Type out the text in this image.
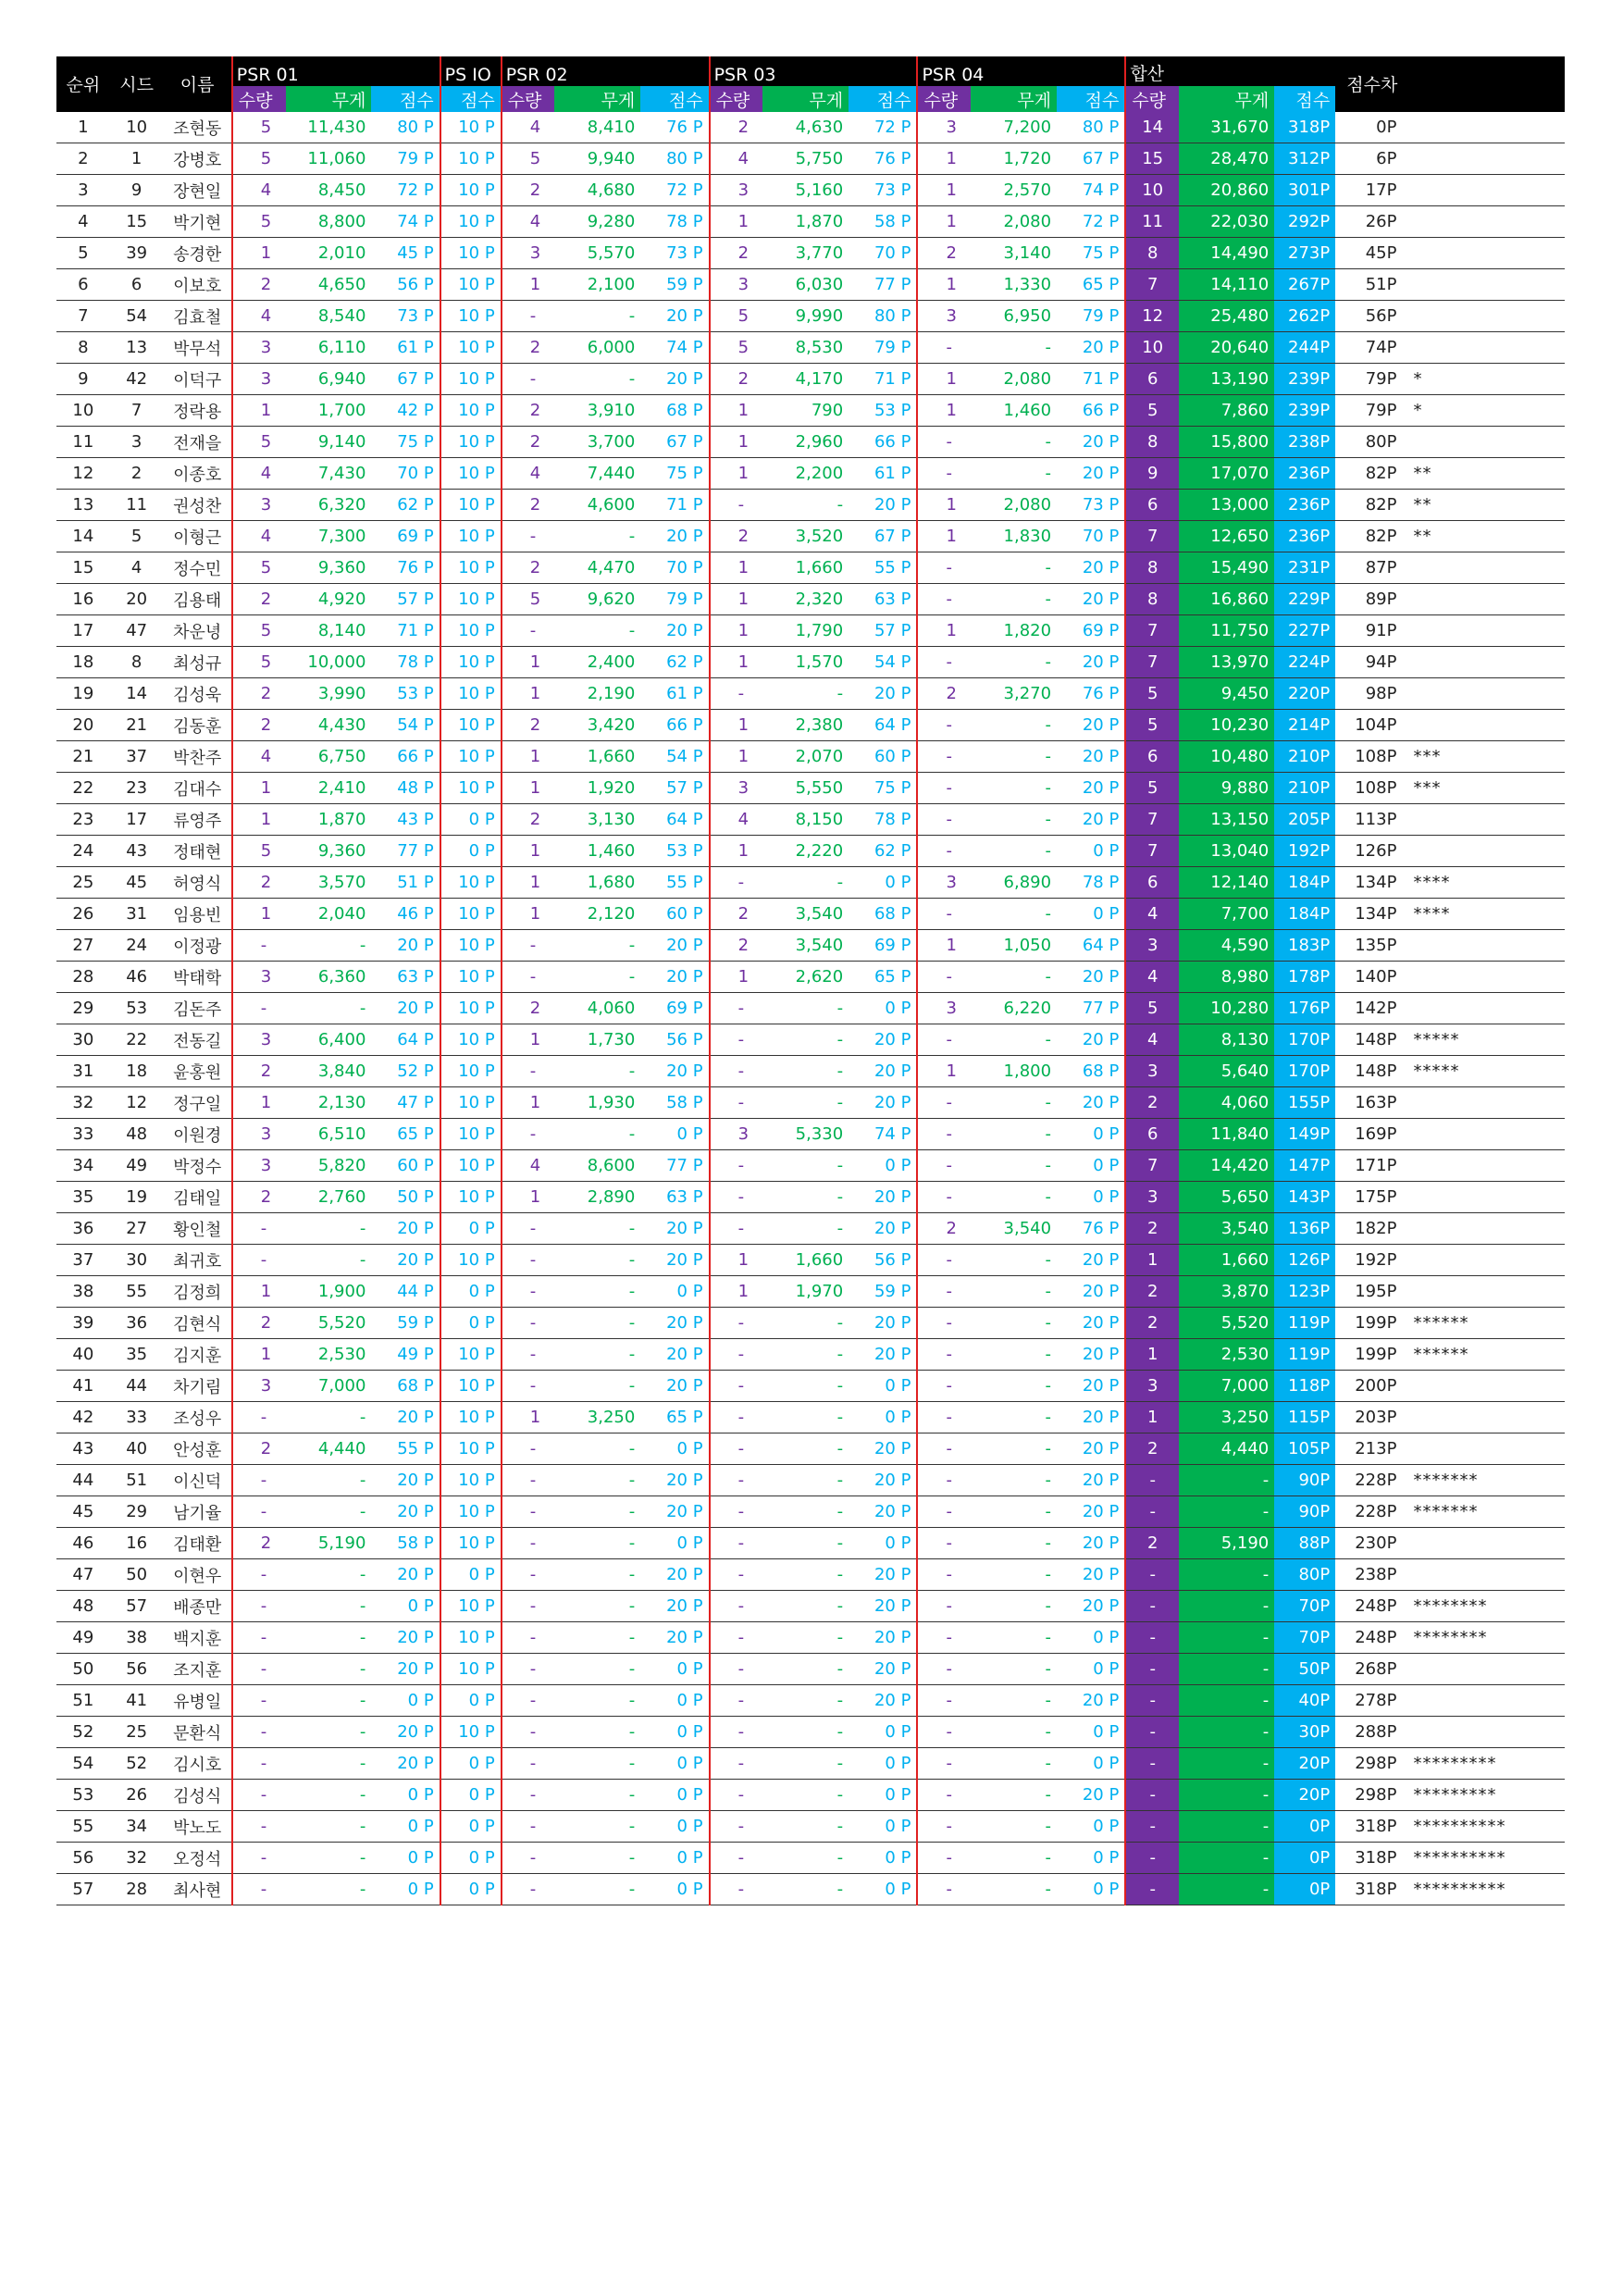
순위	시드	이름	PSR 01			PS IO	PSR 02			PSR 03			PSR 04			합산			점수차	
			수량	무게	점수	점수	수량	무게	점수	수량	무게	점수	수량	무게	점수	수량	무게	점수		
1	10	조현동	5	11,430	80 P	10 P	4	8,410	76 P	2	4,630	72 P	3	7,200	80 P	14	31,670	318P	0P	
2	1	강병호	5	11,060	79 P	10 P	5	9,940	80 P	4	5,750	76 P	1	1,720	67 P	15	28,470	312P	6P	
3	9	장현일	4	8,450	72 P	10 P	2	4,680	72 P	3	5,160	73 P	1	2,570	74 P	10	20,860	301P	17P	
4	15	박기현	5	8,800	74 P	10 P	4	9,280	78 P	1	1,870	58 P	1	2,080	72 P	11	22,030	292P	26P	
5	39	송경한	1	2,010	45 P	10 P	3	5,570	73 P	2	3,770	70 P	2	3,140	75 P	8	14,490	273P	45P	
6	6	이보호	2	4,650	56 P	10 P	1	2,100	59 P	3	6,030	77 P	1	1,330	65 P	7	14,110	267P	51P	
7	54	김효철	4	8,540	73 P	10 P	-	-	20 P	5	9,990	80 P	3	6,950	79 P	12	25,480	262P	56P	
8	13	박무석	3	6,110	61 P	10 P	2	6,000	74 P	5	8,530	79 P	-	-	20 P	10	20,640	244P	74P	
9	42	이덕구	3	6,940	67 P	10 P	-	-	20 P	2	4,170	71 P	1	2,080	71 P	6	13,190	239P	79P	*
10	7	정락용	1	1,700	42 P	10 P	2	3,910	68 P	1	790	53 P	1	1,460	66 P	5	7,860	239P	79P	*
11	3	전재을	5	9,140	75 P	10 P	2	3,700	67 P	1	2,960	66 P	-	-	20 P	8	15,800	238P	80P	
12	2	이종호	4	7,430	70 P	10 P	4	7,440	75 P	1	2,200	61 P	-	-	20 P	9	17,070	236P	82P	**
13	11	권성찬	3	6,320	62 P	10 P	2	4,600	71 P	-	-	20 P	1	2,080	73 P	6	13,000	236P	82P	**
14	5	이형근	4	7,300	69 P	10 P	-	-	20 P	2	3,520	67 P	1	1,830	70 P	7	12,650	236P	82P	**
15	4	정수민	5	9,360	76 P	10 P	2	4,470	70 P	1	1,660	55 P	-	-	20 P	8	15,490	231P	87P	
16	20	김용태	2	4,920	57 P	10 P	5	9,620	79 P	1	2,320	63 P	-	-	20 P	8	16,860	229P	89P	
17	47	차운녕	5	8,140	71 P	10 P	-	-	20 P	1	1,790	57 P	1	1,820	69 P	7	11,750	227P	91P	
18	8	최성규	5	10,000	78 P	10 P	1	2,400	62 P	1	1,570	54 P	-	-	20 P	7	13,970	224P	94P	
19	14	김성욱	2	3,990	53 P	10 P	1	2,190	61 P	-	-	20 P	2	3,270	76 P	5	9,450	220P	98P	
20	21	김동훈	2	4,430	54 P	10 P	2	3,420	66 P	1	2,380	64 P	-	-	20 P	5	10,230	214P	104P	
21	37	박찬주	4	6,750	66 P	10 P	1	1,660	54 P	1	2,070	60 P	-	-	20 P	6	10,480	210P	108P	***
22	23	김대수	1	2,410	48 P	10 P	1	1,920	57 P	3	5,550	75 P	-	-	20 P	5	9,880	210P	108P	***
23	17	류영주	1	1,870	43 P	0 P	2	3,130	64 P	4	8,150	78 P	-	-	20 P	7	13,150	205P	113P	
24	43	정태현	5	9,360	77 P	0 P	1	1,460	53 P	1	2,220	62 P	-	-	0 P	7	13,040	192P	126P	
25	45	허영식	2	3,570	51 P	10 P	1	1,680	55 P	-	-	0 P	3	6,890	78 P	6	12,140	184P	134P	****
26	31	임용빈	1	2,040	46 P	10 P	1	2,120	60 P	2	3,540	68 P	-	-	0 P	4	7,700	184P	134P	****
27	24	이정광	-	-	20 P	10 P	-	-	20 P	2	3,540	69 P	1	1,050	64 P	3	4,590	183P	135P	
28	46	박태학	3	6,360	63 P	10 P	-	-	20 P	1	2,620	65 P	-	-	20 P	4	8,980	178P	140P	
29	53	김돈주	-	-	20 P	10 P	2	4,060	69 P	-	-	0 P	3	6,220	77 P	5	10,280	176P	142P	
30	22	전동길	3	6,400	64 P	10 P	1	1,730	56 P	-	-	20 P	-	-	20 P	4	8,130	170P	148P	*****
31	18	윤홍원	2	3,840	52 P	10 P	-	-	20 P	-	-	20 P	1	1,800	68 P	3	5,640	170P	148P	*****
32	12	정구일	1	2,130	47 P	10 P	1	1,930	58 P	-	-	20 P	-	-	20 P	2	4,060	155P	163P	
33	48	이원경	3	6,510	65 P	10 P	-	-	0 P	3	5,330	74 P	-	-	0 P	6	11,840	149P	169P	
34	49	박정수	3	5,820	60 P	10 P	4	8,600	77 P	-	-	0 P	-	-	0 P	7	14,420	147P	171P	
35	19	김태일	2	2,760	50 P	10 P	1	2,890	63 P	-	-	20 P	-	-	0 P	3	5,650	143P	175P	
36	27	황인철	-	-	20 P	0 P	-	-	20 P	-	-	20 P	2	3,540	76 P	2	3,540	136P	182P	
37	30	최귀호	-	-	20 P	10 P	-	-	20 P	1	1,660	56 P	-	-	20 P	1	1,660	126P	192P	
38	55	김정희	1	1,900	44 P	0 P	-	-	0 P	1	1,970	59 P	-	-	20 P	2	3,870	123P	195P	
39	36	김현식	2	5,520	59 P	0 P	-	-	20 P	-	-	20 P	-	-	20 P	2	5,520	119P	199P	******
40	35	김지훈	1	2,530	49 P	10 P	-	-	20 P	-	-	20 P	-	-	20 P	1	2,530	119P	199P	******
41	44	차기림	3	7,000	68 P	10 P	-	-	20 P	-	-	0 P	-	-	20 P	3	7,000	118P	200P	
42	33	조성우	-	-	20 P	10 P	1	3,250	65 P	-	-	0 P	-	-	20 P	1	3,250	115P	203P	
43	40	안성훈	2	4,440	55 P	10 P	-	-	0 P	-	-	20 P	-	-	20 P	2	4,440	105P	213P	
44	51	이신덕	-	-	20 P	10 P	-	-	20 P	-	-	20 P	-	-	20 P	-	-	90P	228P	*******
45	29	남기율	-	-	20 P	10 P	-	-	20 P	-	-	20 P	-	-	20 P	-	-	90P	228P	*******
46	16	김태환	2	5,190	58 P	10 P	-	-	0 P	-	-	0 P	-	-	20 P	2	5,190	88P	230P	
47	50	이현우	-	-	20 P	0 P	-	-	20 P	-	-	20 P	-	-	20 P	-	-	80P	238P	
48	57	배종만	-	-	0 P	10 P	-	-	20 P	-	-	20 P	-	-	20 P	-	-	70P	248P	********
49	38	백지훈	-	-	20 P	10 P	-	-	20 P	-	-	20 P	-	-	0 P	-	-	70P	248P	********
50	56	조지훈	-	-	20 P	10 P	-	-	0 P	-	-	20 P	-	-	0 P	-	-	50P	268P	
51	41	유병일	-	-	0 P	0 P	-	-	0 P	-	-	20 P	-	-	20 P	-	-	40P	278P	
52	25	문환식	-	-	20 P	10 P	-	-	0 P	-	-	0 P	-	-	0 P	-	-	30P	288P	
54	52	김시호	-	-	20 P	0 P	-	-	0 P	-	-	0 P	-	-	0 P	-	-	20P	298P	*********
53	26	김성식	-	-	0 P	0 P	-	-	0 P	-	-	0 P	-	-	20 P	-	-	20P	298P	*********
55	34	박노도	-	-	0 P	0 P	-	-	0 P	-	-	0 P	-	-	0 P	-	-	0P	318P	**********
56	32	오정석	-	-	0 P	0 P	-	-	0 P	-	-	0 P	-	-	0 P	-	-	0P	318P	**********
57	28	최사현	-	-	0 P	0 P	-	-	0 P	-	-	0 P	-	-	0 P	-	-	0P	318P	**********
